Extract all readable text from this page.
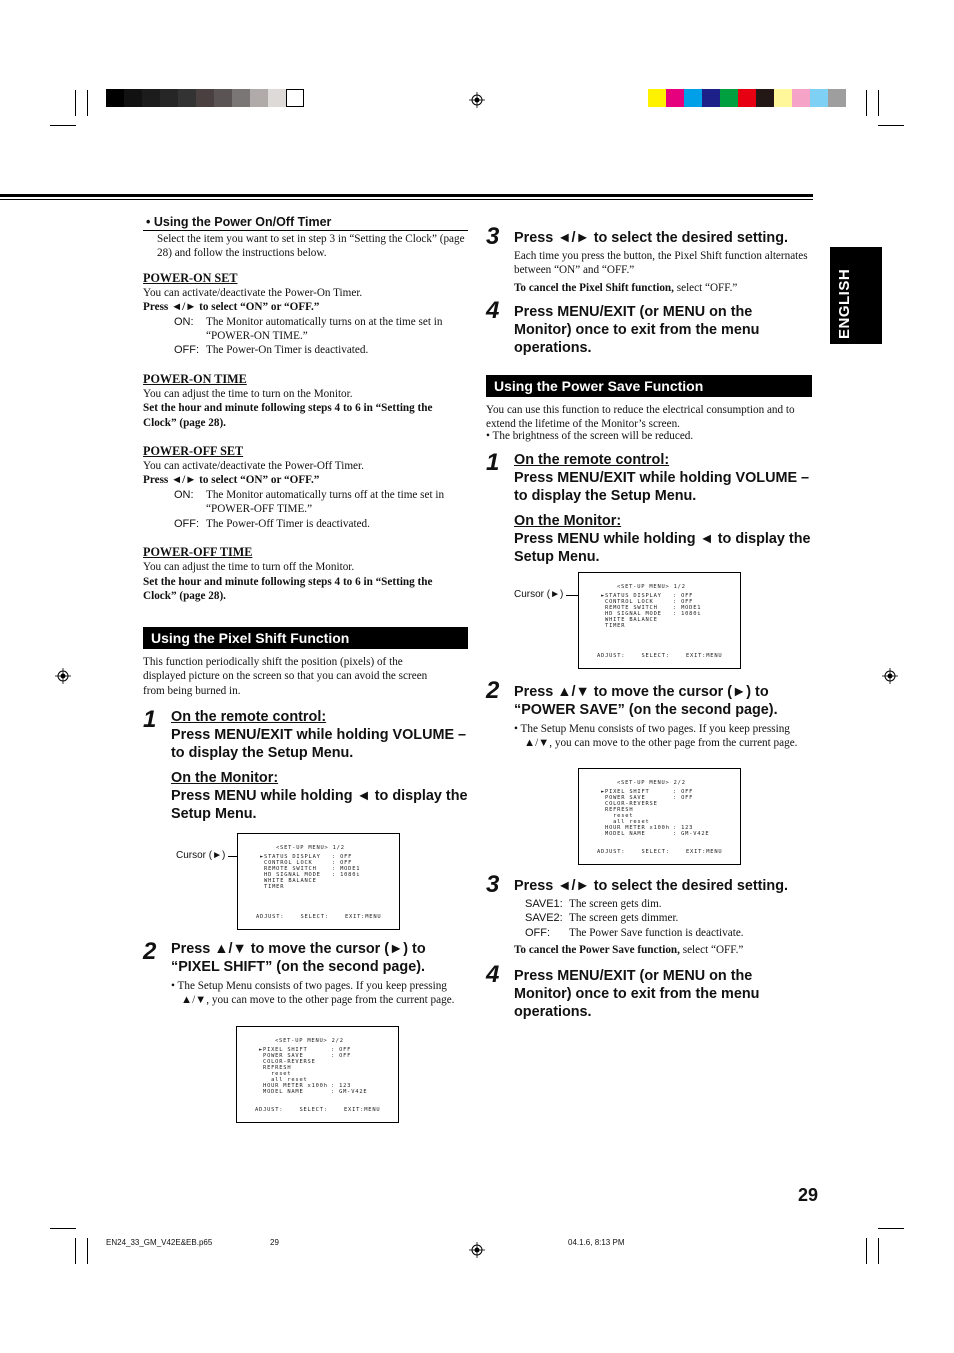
ENGLISH
• Using the Power On/Off Timer
Select the item you want to set in step 3 in “Setting the Clock” (page 28) and follow the instructions below.
POWER-ON SET
You can activate/deactivate the Power-On Timer.
Press ◄/► to select “ON” or “OFF.”
ON:	The Monitor automatically turns on at the time set in “POWER-ON TIME.”
OFF: The Power-On Timer is deactivated.
POWER-ON TIME
You can adjust the time to turn on the Monitor.
Set the hour and minute following steps 4 to 6 in “Setting the Clock” (page 28).
POWER-OFF SET
You can activate/deactivate the Power-Off Timer.
Press ◄/► to select “ON” or “OFF.”
ON:	The Monitor automatically turns off at the time set in “POWER-OFF TIME.”
OFF: The Power-Off Timer is deactivated.
POWER-OFF TIME
You can adjust the time to turn off the Monitor.
Set the hour and minute following steps 4 to 6 in “Setting the Clock” (page 28).
Using the Pixel Shift Function
This function periodically shift the position (pixels) of the displayed picture on the screen so that you can avoid the screen from being burned in.
1	On the remote control:
Press MENU/EXIT while holding VOLUME – to display the Setup Menu.
On the Monitor:
Press MENU while holding ◄ to display the Setup Menu.
Cursor (►)
<SET-UP MENU> 1/2
►STATUS DISPLAY : OFF
CONTROL LOCK	: OFF
REMOTE SWITCH	: MODE1
HD SIGNAL MODE : 1080i
WHITE BALANCE
TIMER
ADJUST:    SELECT:    EXIT:MENU
2	Press ▲/▼ to move the cursor (►) to “PIXEL SHIFT” (on the second page).
• The Setup Menu consists of two pages. If you keep pressing ▲/▼, you can move to the other page from the current page.
<SET-UP MENU> 2/2
►PIXEL SHIFT	: OFF
POWER SAVE	: OFF
COLOR-REVERSE
REFRESH
reset
all reset
HOUR METER x100h : 123
MODEL NAME	: GM-V42E
ADJUST:    SELECT:    EXIT:MENU
3	Press ◄/► to select the desired setting.
Each time you press the button, the Pixel Shift function alternates between “ON” and “OFF.”
To cancel the Pixel Shift function, select “OFF.”
4	Press MENU/EXIT (or MENU on the Monitor) once to exit from the menu operations.
Using the Power Save Function
You can use this function to reduce the electrical consumption and to extend the lifetime of the Monitor’s screen.
• The brightness of the screen will be reduced.
1	On the remote control:
Press MENU/EXIT while holding VOLUME – to display the Setup Menu.
On the Monitor:
Press MENU while holding ◄ to display the Setup Menu.
Cursor (►)
<SET-UP MENU> 1/2
►STATUS DISPLAY : OFF
CONTROL LOCK	: OFF
REMOTE SWITCH	: MODE1
HD SIGNAL MODE : 1080i
WHITE BALANCE
TIMER
ADJUST:    SELECT:    EXIT:MENU
2	Press ▲/▼ to move the cursor (►) to “POWER SAVE” (on the second page).
• The Setup Menu consists of two pages. If you keep pressing ▲/▼, you can move to the other page from the current page.
<SET-UP MENU> 2/2
►PIXEL SHIFT	: OFF
POWER SAVE	: OFF
COLOR-REVERSE
REFRESH
reset
all reset
HOUR METER x100h : 123
MODEL NAME	: GM-V42E
ADJUST:    SELECT:    EXIT:MENU
3	Press ◄/► to select the desired setting.
SAVE1: The screen gets dim.
SAVE2: The screen gets dimmer.
OFF:	The Power Save function is deactivate.
To cancel the Power Save function, select “OFF.”
4	Press MENU/EXIT (or MENU on the Monitor) once to exit from the menu operations.
29
EN24_33_GM_V42E&EB.p65	29	04.1.6, 8:13 PM
